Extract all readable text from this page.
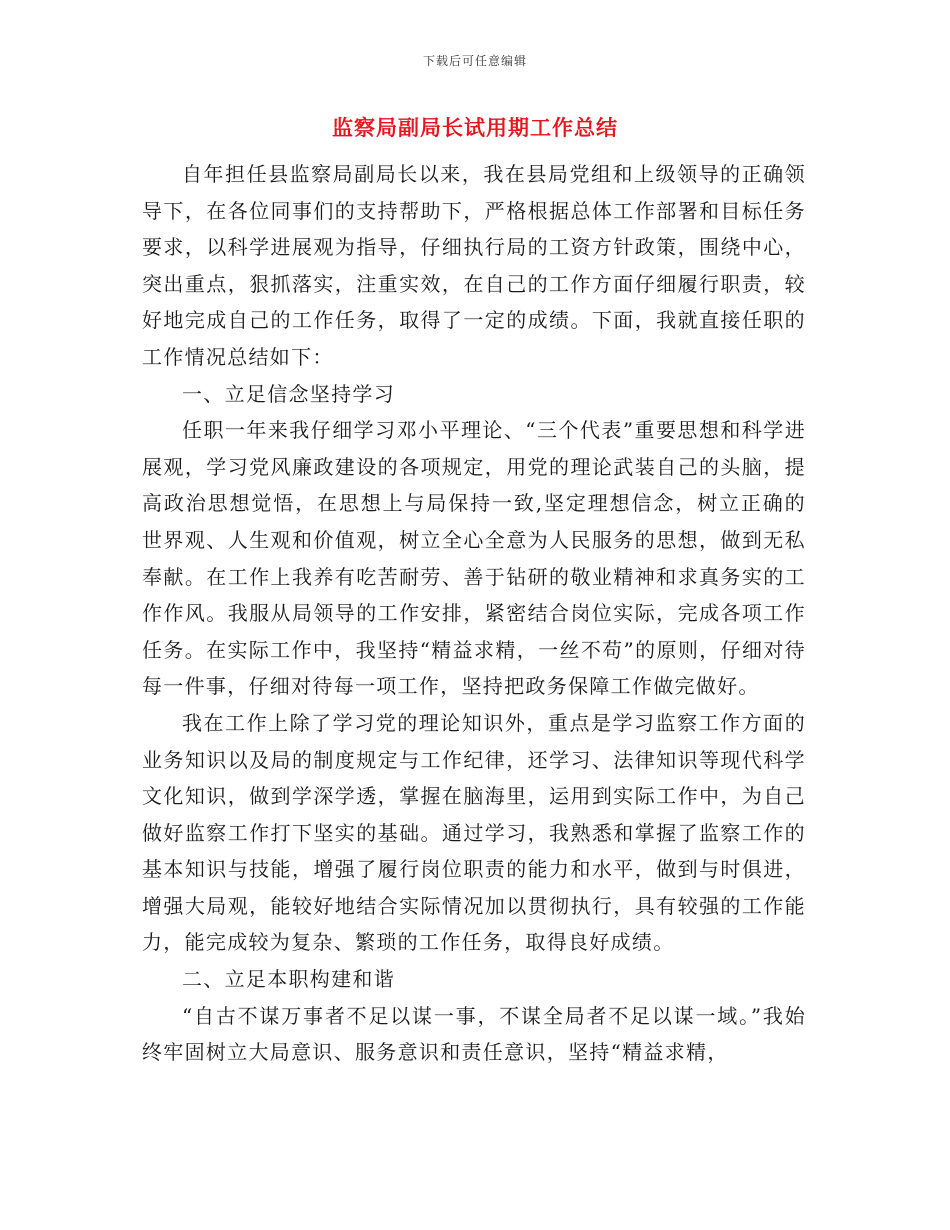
下载后可任意编辑
监察局副局长试用期工作总结

自年担任县监察局副局长以来，我在县局党组和上级领导的正确领导下，在各位同事们的支持帮助下，严格根据总体工作部署和目标任务要求，以科学进展观为指导，仔细执行局的工资方针政策，围绕中心，突出重点，狠抓落实，注重实效，在自己的工作方面仔细履行职责，较好地完成自己的工作任务，取得了一定的成绩。下面，我就直接任职的工作情况总结如下：

一、立足信念坚持学习

任职一年来我仔细学习邓小平理论、“三个代表”重要思想和科学进展观，学习党风廉政建设的各项规定，用党的理论武装自己的头脑，提高政治思想觉悟，在思想上与局保持一致,坚定理想信念，树立正确的世界观、人生观和价值观，树立全心全意为人民服务的思想，做到无私奉献。在工作上我养有吃苦耐劳、善于钻研的敬业精神和求真务实的工作作风。我服从局领导的工作安排，紧密结合岗位实际，完成各项工作任务。在实际工作中，我坚持“精益求精，一丝不苟”的原则，仔细对待每一件事，仔细对待每一项工作，坚持把政务保障工作做完做好。

我在工作上除了学习党的理论知识外，重点是学习监察工作方面的业务知识以及局的制度规定与工作纪律，还学习、法律知识等现代科学文化知识，做到学深学透，掌握在脑海里，运用到实际工作中，为自己做好监察工作打下坚实的基础。通过学习，我熟悉和掌握了监察工作的基本知识与技能，增强了履行岗位职责的能力和水平，做到与时俱进，增强大局观，能较好地结合实际情况加以贯彻执行，具有较强的工作能力，能完成较为复杂、繁琐的工作任务，取得良好成绩。

二、立足本职构建和谐

“自古不谋万事者不足以谋一事，不谋全局者不足以谋一域。”我始终牢固树立大局意识、服务意识和责任意识，坚持“精益求精，
